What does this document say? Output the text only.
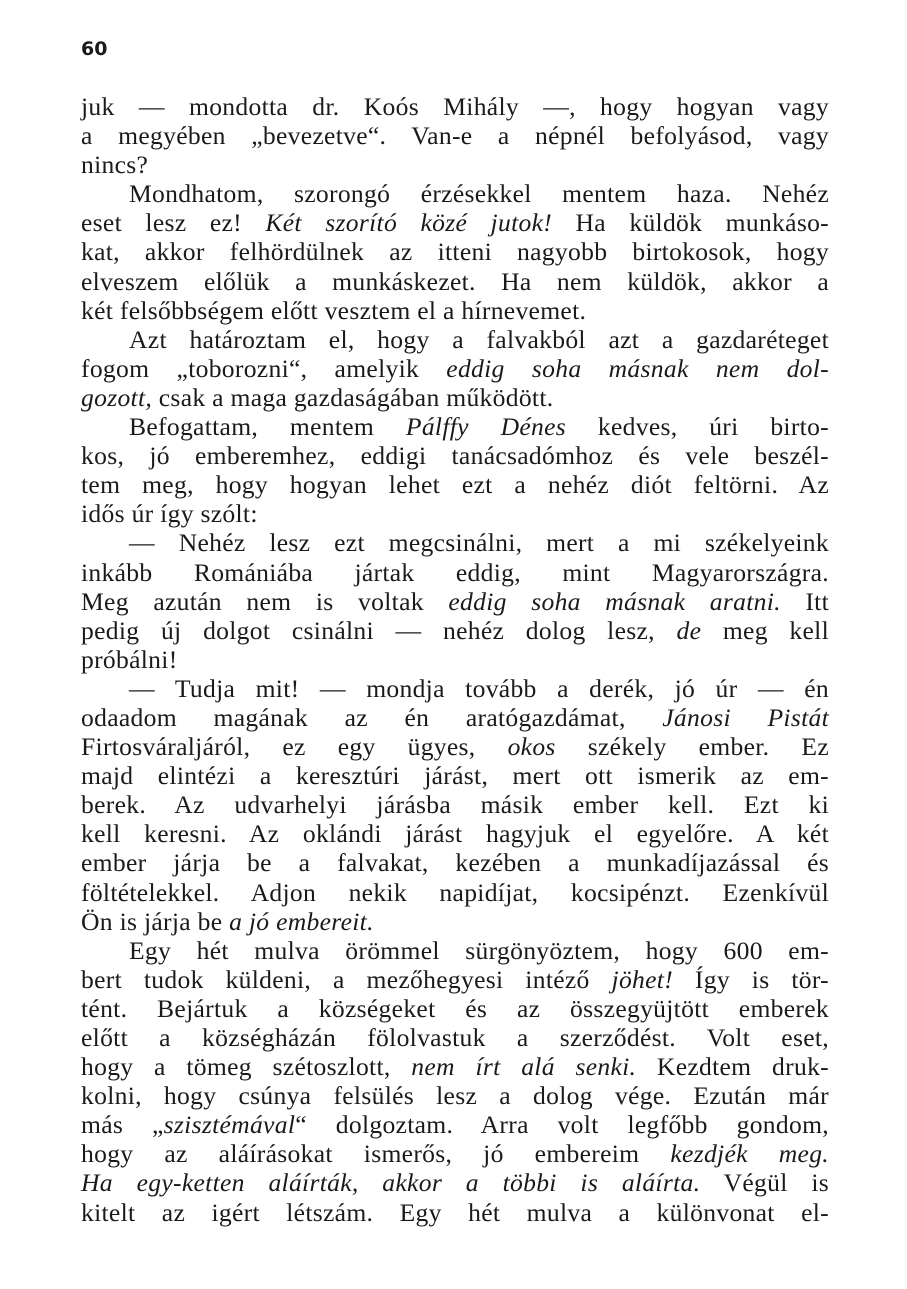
60
juk — mondotta dr. Koós Mihály —, hogy hogyan vagy
a megyében „bevezetve“. Van-e a népnél befolyásod, vagy
nincs?
Mondhatom, szorongó érzésekkel mentem haza. Nehéz
eset lesz ez! Két szorító közé jutok! Ha küldök munkáso-
kat, akkor felhördülnek az itteni nagyobb birtokosok, hogy
elveszem előlük a munkáskezet. Ha nem küldök, akkor a
két felsőbbségem előtt vesztem el a hírnevemet.
Azt határoztam el, hogy a falvakból azt a gazdaréteget
fogom „toborozni“, amelyik eddig soha másnak nem dol-
gozott, csak a maga gazdaságában működött.
Befogattam, mentem Pálffy Dénes kedves, úri birto-
kos, jó emberemhez, eddigi tanácsadómhoz és vele beszél-
tem meg, hogy hogyan lehet ezt a nehéz diót feltörni. Az
idős úr így szólt:
— Nehéz lesz ezt megcsinálni, mert a mi székelyeink
inkább Romániába jártak eddig, mint Magyarországra.
Meg azután nem is voltak eddig soha másnak aratni. Itt
pedig új dolgot csinálni — nehéz dolog lesz, de meg kell
próbálni!
— Tudja mit! — mondja tovább a derék, jó úr — én
odaadom magának az én aratógazdámat, Jánosi Pistát
Firtosváraljáról, ez egy ügyes, okos székely ember. Ez
majd elintézi a keresztúri járást, mert ott ismerik az em-
berek. Az udvarhelyi járásba másik ember kell. Ezt ki
kell keresni. Az oklándi járást hagyjuk el egyelőre. A két
ember járja be a falvakat, kezében a munkadíjazással és
föltételekkel. Adjon nekik napidíjat, kocsipénzt. Ezenkívül
Ön is járja be a jó embereit.
Egy hét mulva örömmel sürgönyöztem, hogy 600 em-
bert tudok küldeni, a mezőhegyesi intéző jöhet! Így is tör-
tént. Bejártuk a községeket és az összegyüjtött emberek
előtt a községházán fölolvastuk a szerződést. Volt eset,
hogy a tömeg szétoszlott, nem írt alá senki. Kezdtem druk-
kolni, hogy csúnya felsülés lesz a dolog vége. Ezután már
más „szisztémával“ dolgoztam. Arra volt legfőbb gondom,
hogy az aláírásokat ismerős, jó embereim kezdjék meg.
Ha egy-ketten aláírták, akkor a többi is aláírta. Végül is
kitelt az igért létszám. Egy hét mulva a különvonat el-
